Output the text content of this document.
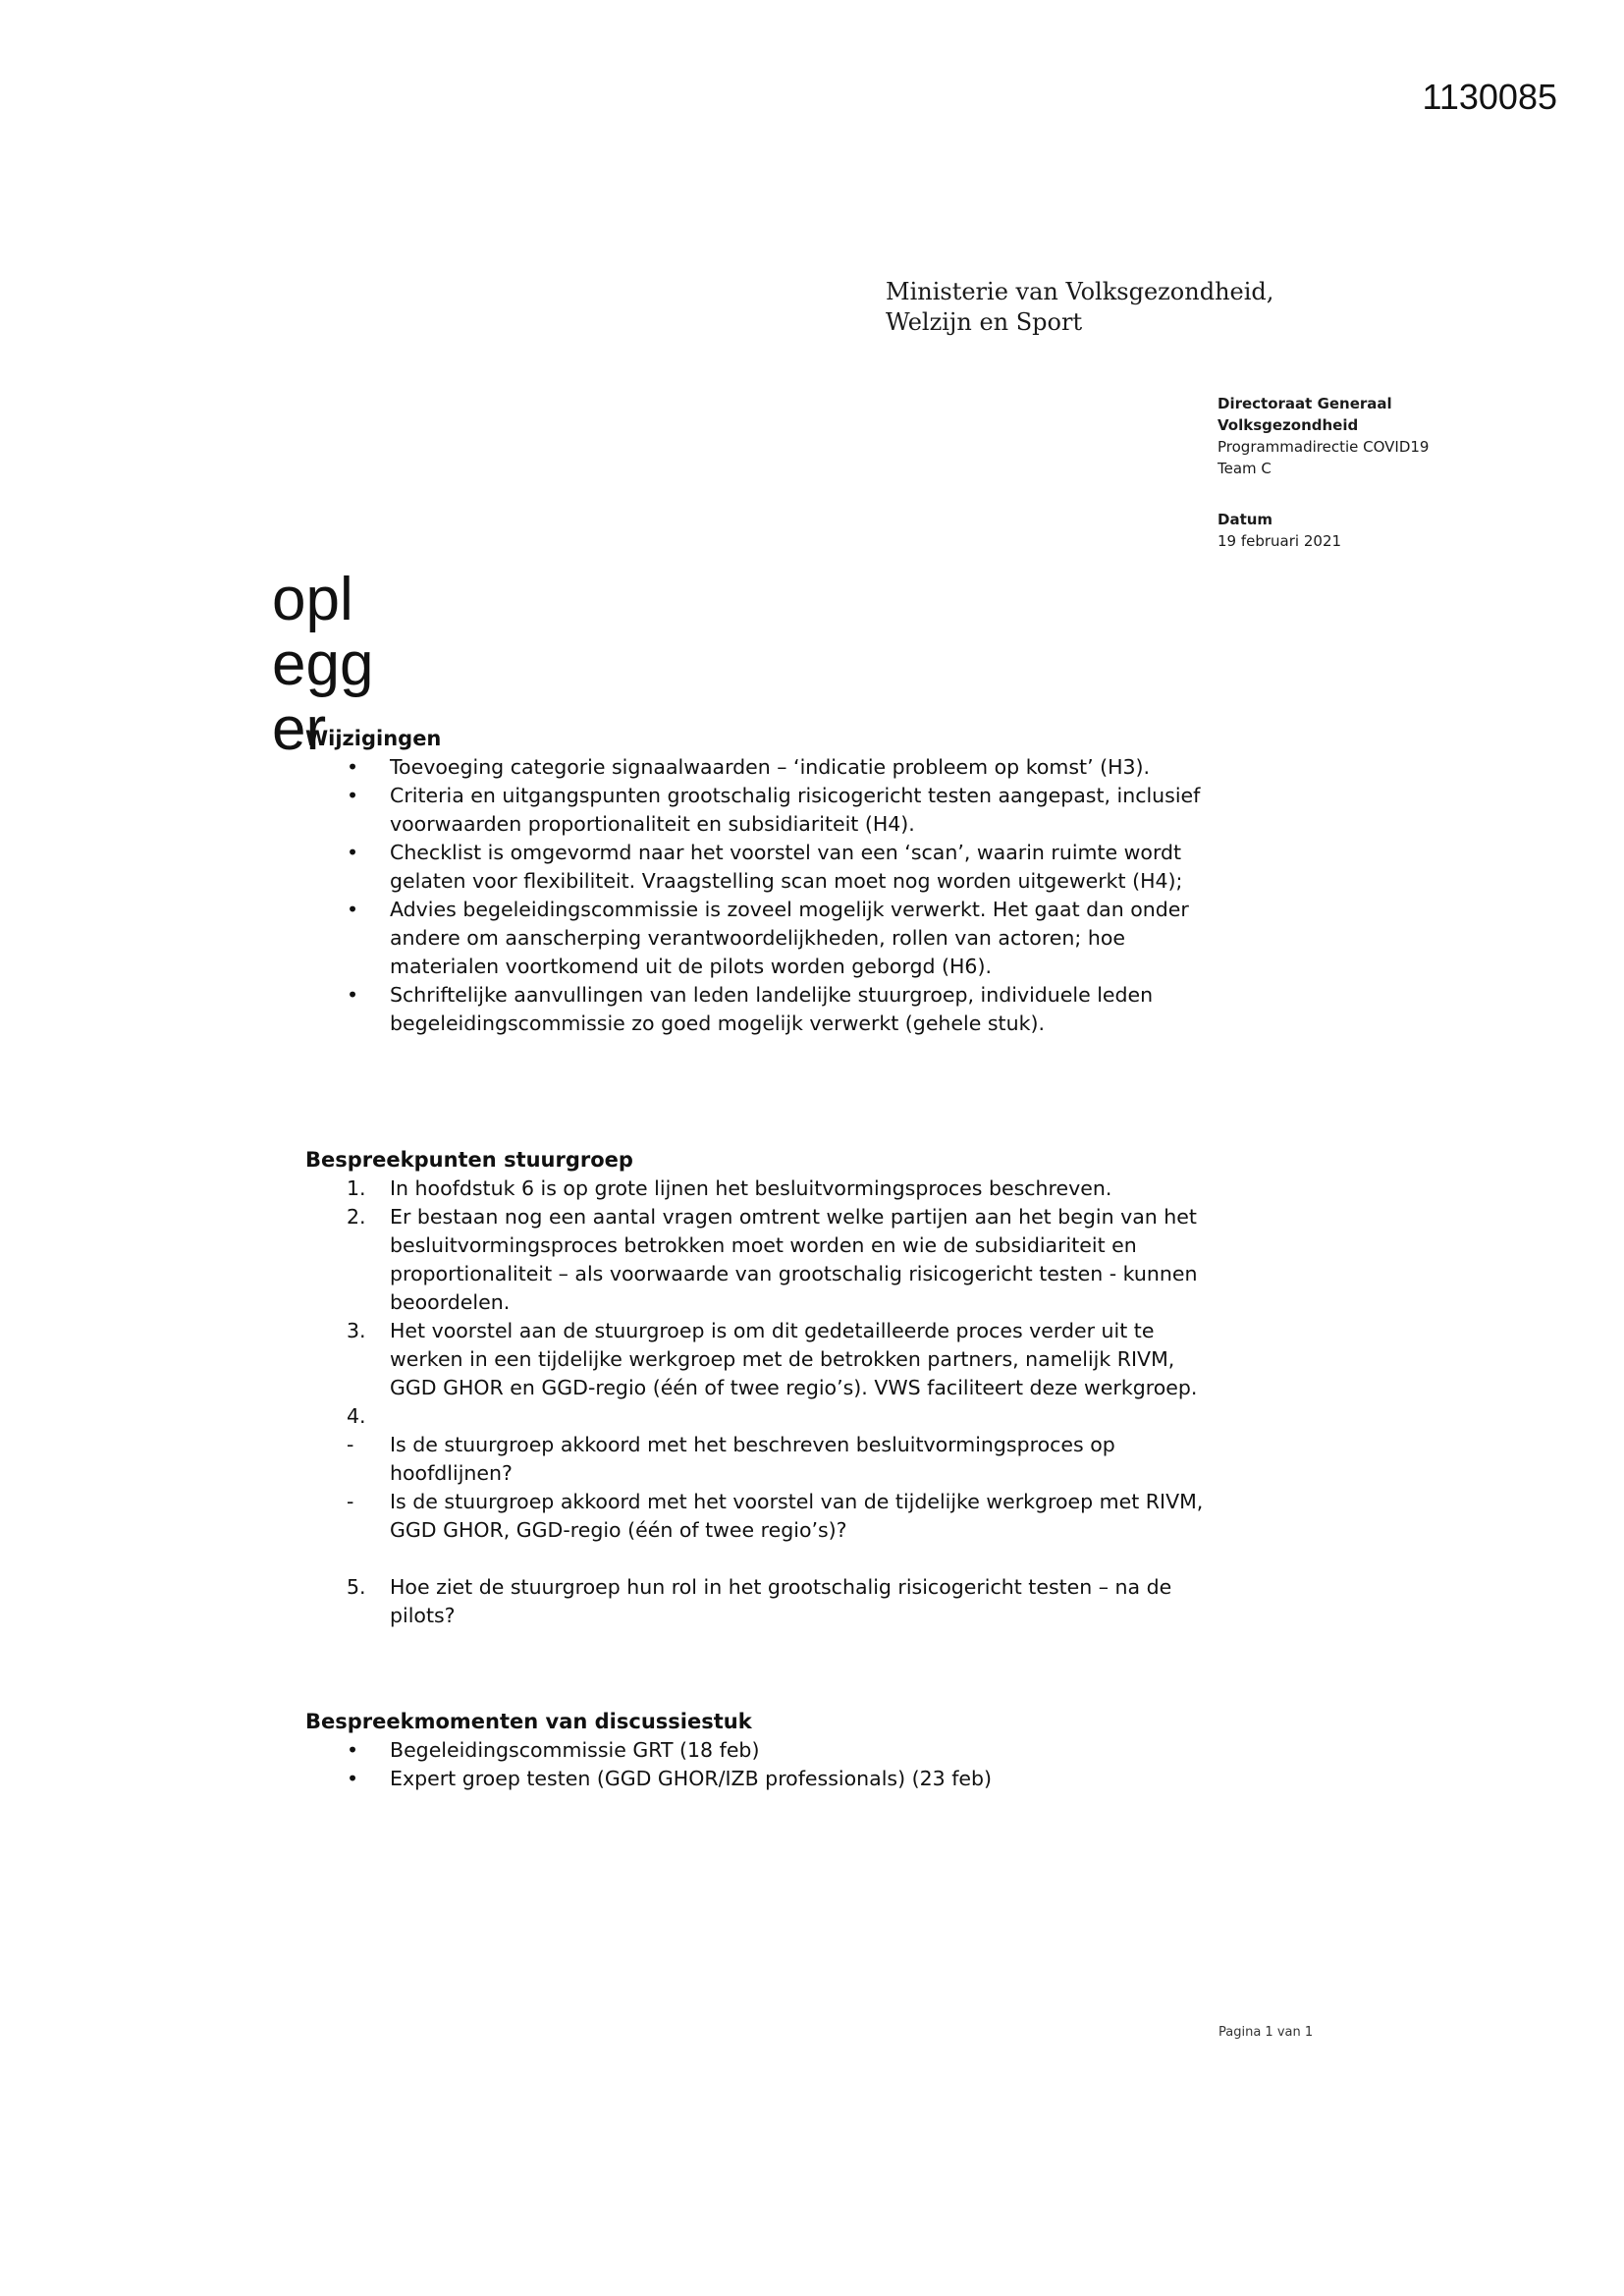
1130085
Ministerie van Volksgezondheid,
Welzijn en Sport
Directoraat Generaal
Volksgezondheid
Programmadirectie COVID19
Team C
Datum
19 februari 2021
opl
egg
er
Wijzigingen
• Toevoeging categorie signaalwaarden – ‘indicatie probleem op komst’ (H3).
• Criteria en uitgangspunten grootschalig risicogericht testen aangepast, inclusief voorwaarden proportionaliteit en subsidiariteit (H4).
• Checklist is omgevormd naar het voorstel van een ‘scan’, waarin ruimte wordt gelaten voor flexibiliteit. Vraagstelling scan moet nog worden uitgewerkt (H4);
• Advies begeleidingscommissie is zoveel mogelijk verwerkt. Het gaat dan onder andere om aanscherping verantwoordelijkheden, rollen van actoren; hoe materialen voortkomend uit de pilots worden geborgd (H6).
• Schriftelijke aanvullingen van leden landelijke stuurgroep, individuele leden begeleidingscommissie zo goed mogelijk verwerkt (gehele stuk).
Bespreekpunten stuurgroep
1. In hoofdstuk 6 is op grote lijnen het besluitvormingsproces beschreven.
2. Er bestaan nog een aantal vragen omtrent welke partijen aan het begin van het besluitvormingsproces betrokken moet worden en wie de subsidiariteit en proportionaliteit – als voorwaarde van grootschalig risicogericht testen - kunnen beoordelen.
3. Het voorstel aan de stuurgroep is om dit gedetailleerde proces verder uit te werken in een tijdelijke werkgroep met de betrokken partners, namelijk RIVM, GGD GHOR en GGD-regio (één of twee regio’s). VWS faciliteert deze werkgroep.
4.
- Is de stuurgroep akkoord met het beschreven besluitvormingsproces op hoofdlijnen?
- Is de stuurgroep akkoord met het voorstel van de tijdelijke werkgroep met RIVM, GGD GHOR, GGD-regio (één of twee regio’s)?
5. Hoe ziet de stuurgroep hun rol in het grootschalig risicogericht testen – na de pilots?
Bespreekmomenten van discussiestuk
• Begeleidingscommissie GRT (18 feb)
• Expert groep testen (GGD GHOR/IZB professionals) (23 feb)
Pagina 1 van 1
